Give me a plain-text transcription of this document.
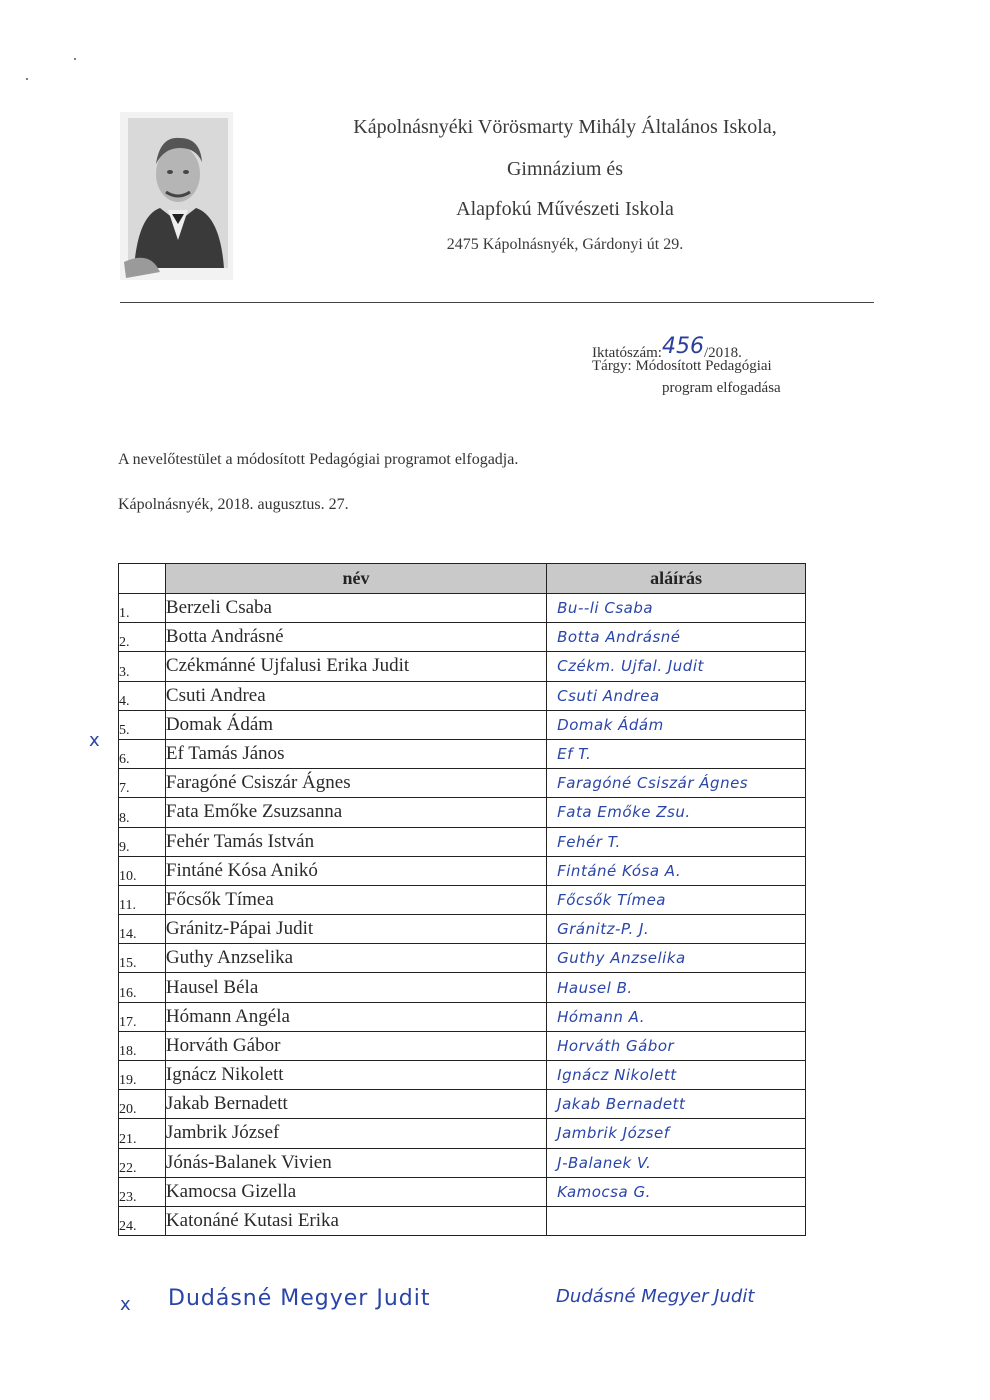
Kápolnásnyéki Vörösmarty Mihály Általános Iskola,
Gimnázium és
Alapfokú Művészeti Iskola
2475 Kápolnásnyék, Gárdonyi út 29.
Iktatószám:456/2018.
Tárgy: Módosított Pedagógiai
program elfogadása
A nevelőtestület a módosított Pedagógiai programot elfogadja.
Kápolnásnyék, 2018. augusztus. 27.
	név	aláírás
1.	Berzeli Csaba	Bu--li Csaba

2.	Botta Andrásné	Botta Andrásné

3.	Czékmánné Ujfalusi Erika Judit	Czékm. Ujfal. Judit

4.	Csuti Andrea	Csuti Andrea

5.	Domak Ádám	Domak Ádám

6.	Ef Tamás János	Ef T.

7.	Faragóné Csiszár Ágnes	Faragóné Csiszár Ágnes

8.	Fata Emőke Zsuzsanna	Fata Emőke Zsu.

9.	Fehér Tamás István	Fehér T.

10.	Fintáné Kósa Anikó	Fintáné Kósa A.

11.	Főcsők Tímea	Főcsők Tímea

14.	Gránitz-Pápai Judit	Gránitz-P. J.

15.	Guthy Anzselika	Guthy Anzselika

16.	Hausel Béla	Hausel B.

17.	Hómann Angéla	Hómann A.

18.	Horváth Gábor	Horváth Gábor

19.	Ignácz Nikolett	Ignácz Nikolett

20.	Jakab Bernadett	Jakab Bernadett

21.	Jambrik József	Jambrik József

22.	Jónás-Balanek Vivien	J-Balanek V.

23.	Kamocsa Gizella	Kamocsa G.

24.	Katonáné Kutasi Erika	
x
x Dudásné Megyer Judit	Dudásné Megyer Judit
